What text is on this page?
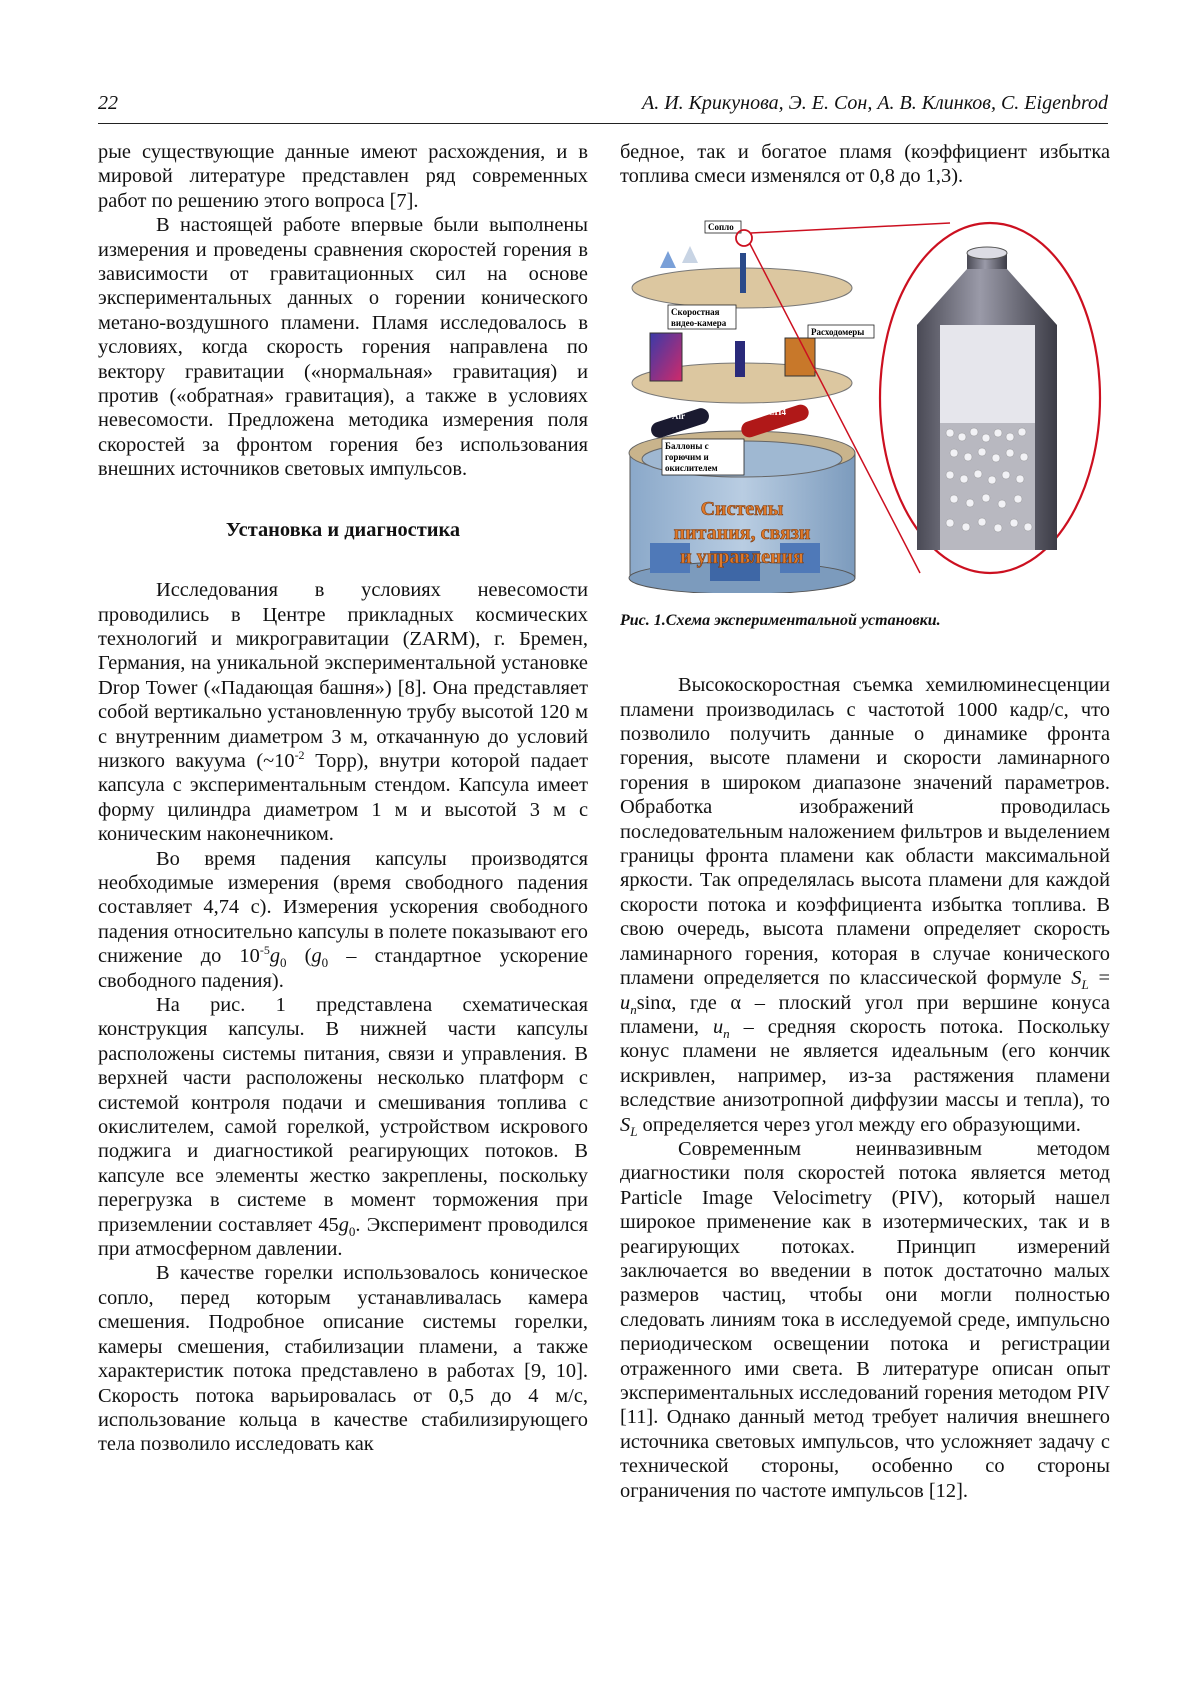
22	А. И. Крикунова, Э. Е. Сон, А. В. Клинков, C. Eigenbrod

рые существующие данные имеют расхождения, и в мировой литературе представлен ряд современных работ по решению этого вопроса [7].

В настоящей работе впервые были выполнены измерения и проведены сравнения скоростей горения в зависимости от гравитационных сил на основе экспериментальных данных о горении конического метано-воздушного пламени. Пламя исследовалось в условиях, когда скорость горения направлена по вектору гравитации («нормальная» гравитация) и против («обратная» гравитация), а также в условиях невесомости. Предложена методика измерения поля скоростей за фронтом горения без использования внешних источников световых импульсов.

Установка и диагностика

Исследования в условиях невесомости проводились в Центре прикладных космических технологий и микрогравитации (ZARM), г. Бремен, Германия, на уникальной экспериментальной установке Drop Tower («Падающая башня») [8]. Она представляет собой вертикально установленную трубу высотой 120 м с внутренним диаметром 3 м, откачанную до условий низкого вакуума ($\sim 10^{-2}$ Торр), внутри которой падает капсула с экспериментальным стендом. Капсула имеет форму цилиндра диаметром 1 м и высотой 3 м с коническим наконечником.

Во время падения капсулы производятся необходимые измерения (время свободного падения составляет 4,74 с). Измерения ускорения свободного падения относительно капсулы в полете показывают его снижение до $10^{-5}g_0$ ($g_0$ – стандартное ускорение свободного падения).

На рис. 1 представлена схематическая конструкция капсулы. В нижней части капсулы расположены системы питания, связи и управления. В верхней части расположены несколько платформ с системой контроля подачи и смешивания топлива с окислителем, самой горелкой, устройством искрового поджига и диагностикой реагирующих потоков. В капсуле все элементы жестко закреплены, поскольку перегрузка в системе в момент торможения при приземлении составляет $45g_0$. Эксперимент проводился при атмосферном давлении.

В качестве горелки использовалось коническое сопло, перед которым устанавливалась камера смешения. Подробное описание системы горелки, камеры смешения, стабилизации пламени, а также характеристик потока представлено в работах [9, 10]. Скорость потока варьировалась от 0,5 до 4 м/с, использование кольца в качестве стабилизирующего тела позволило исследовать как

бедное, так и богатое пламя (коэффициент избытка топлива смеси изменялся от 0,8 до 1,3).

Системы
питания, связи
и управления
Air	CH4
Баллоны с
горючим и
окислителем
Скоростная
видео-камера
Расходомеры
Сопло
Рис. 1.Схема экспериментальной установки.

Высокоскоростная съемка хемилюминесценции пламени производилась с частотой 1000 кадр/с, что позволило получить данные о динамике фронта горения, высоте пламени и скорости ламинарного горения в широком диапазоне значений параметров. Обработка изображений проводилась последовательным наложением фильтров и выделением границы фронта пламени как области максимальной яркости. Так определялась высота пламени для каждой скорости потока и коэффициента избытка топлива. В свою очередь, высота пламени определяет скорость ламинарного горения, которая в случае конического пламени определяется по классической формуле $S_L = u_n\sin\alpha$, где α – плоский угол при вершине конуса пламени, $u_n$ – средняя скорость потока. Поскольку конус пламени не является идеальным (его кончик искривлен, например, из-за растяжения пламени вследствие анизотропной диффузии массы и тепла), то $S_L$ определяется через угол между его образующими.

Современным неинвазивным методом диагностики поля скоростей потока является метод Particle Image Velocimetry (PIV), который нашел широкое применение как в изотермических, так и в реагирующих потоках. Принцип измерений заключается во введении в поток достаточно малых размеров частиц, чтобы они могли полностью следовать линиям тока в исследуемой среде, импульсно периодическом освещении потока и регистрации отраженного ими света. В литературе описан опыт экспериментальных исследований горения методом PIV [11]. Однако данный метод требует наличия внешнего источника световых импульсов, что усложняет задачу с технической стороны, особенно со стороны ограничения по частоте импульсов [12].
